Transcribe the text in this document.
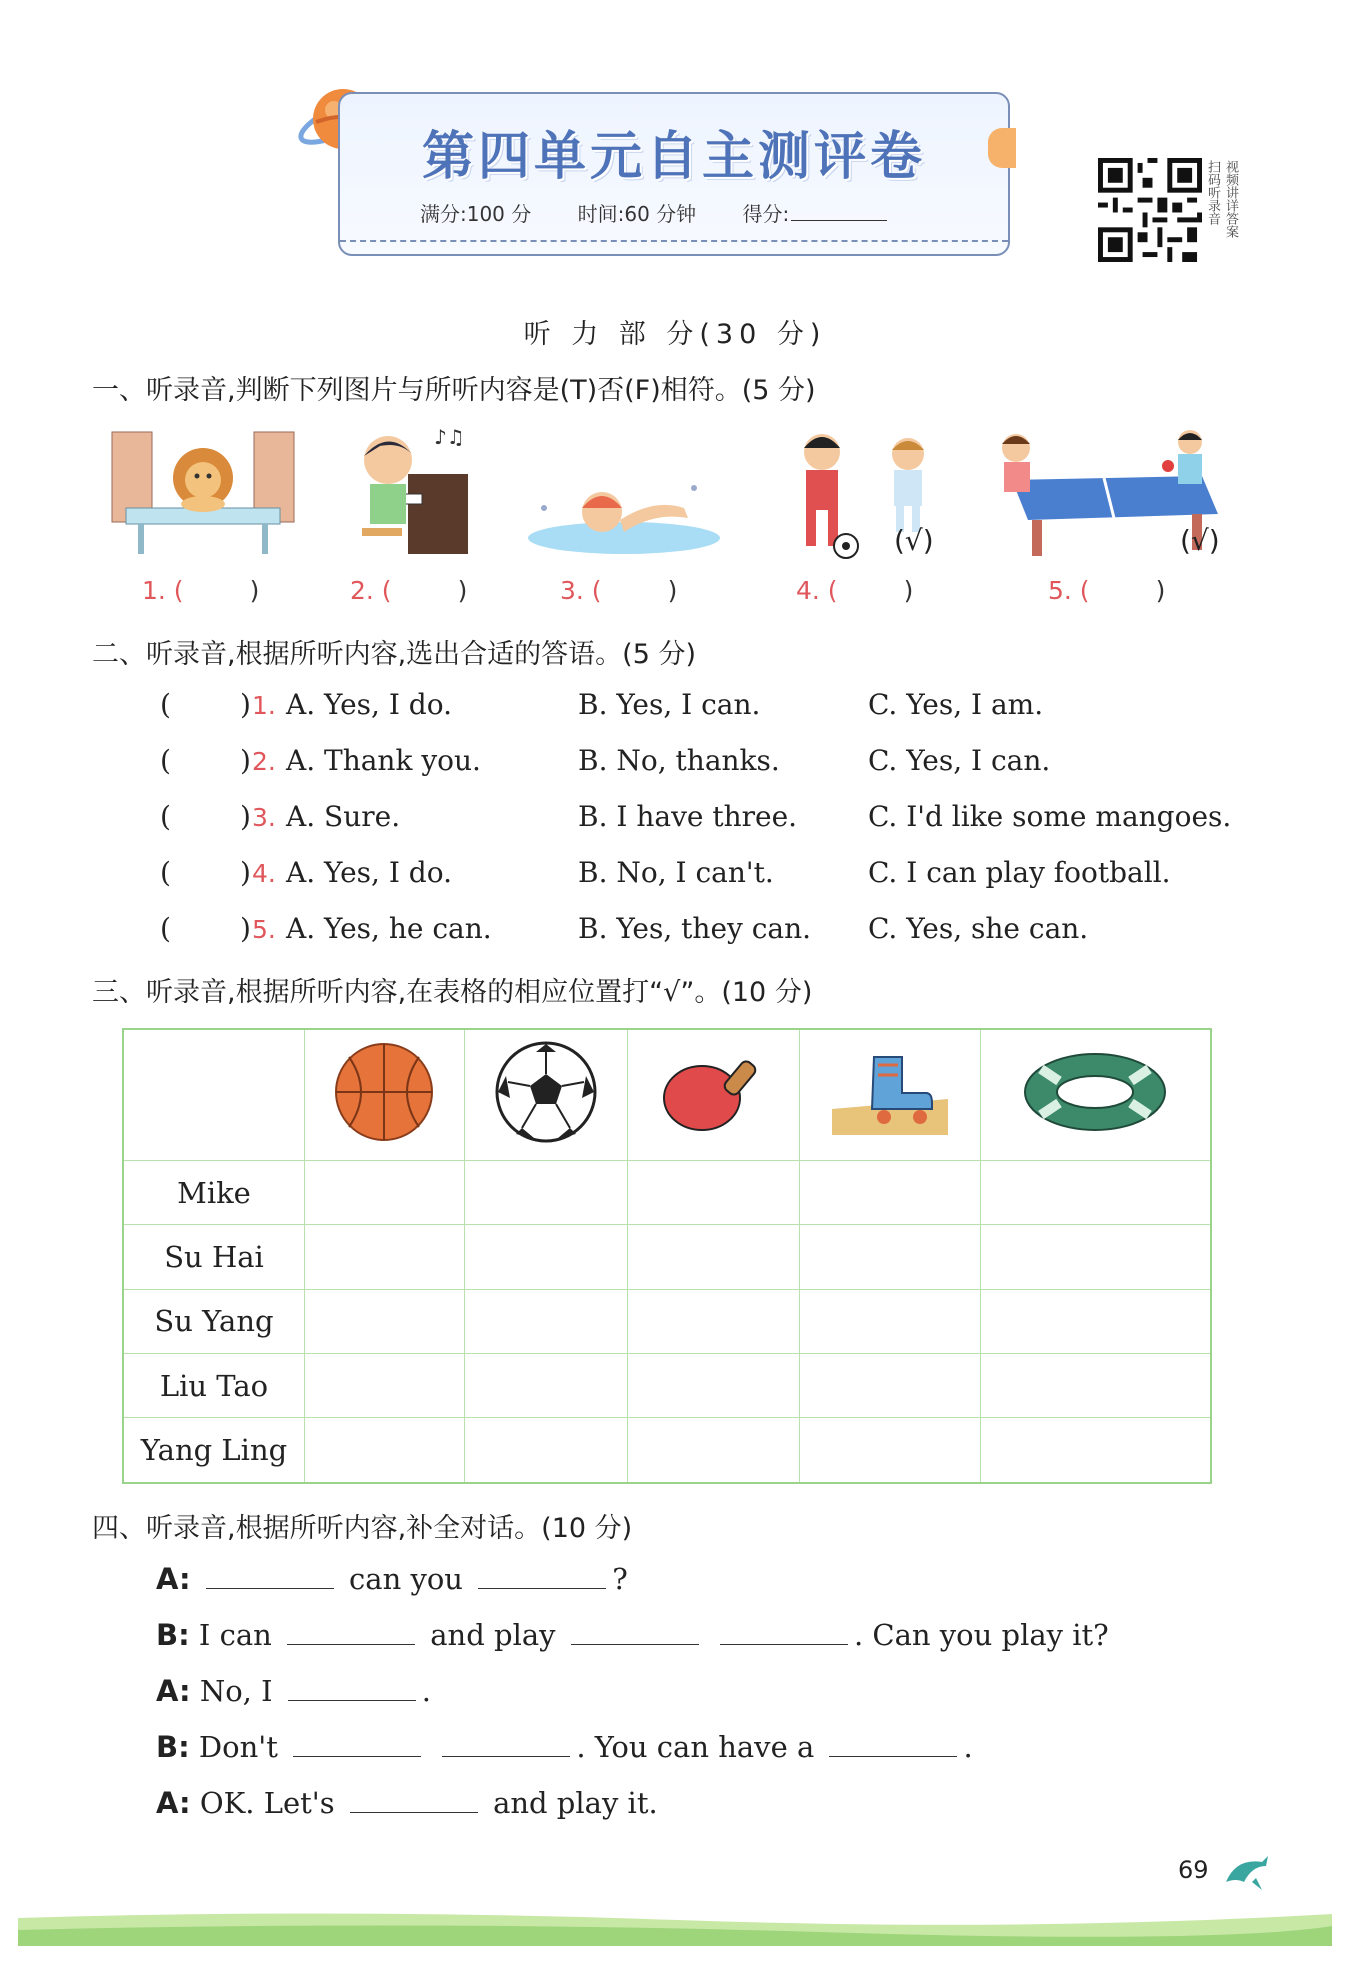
第四单元自主测评卷
满分:100 分 时间:60 分钟 得分:	扫码听录音 视频讲详答案
听 力 部 分(30 分)
一、听录音,判断下列图片与所听内容是(T)否(F)相符。(5 分)
♪♫
(√)	(√)
1. (	)	2. (	)	3. (	)	4. (	)	5. (	)
二、听录音,根据所听内容,选出合适的答语。(5 分)
( ) 1. A. Yes, I do.	B. Yes, I can.	C. Yes, I am.
( ) 2. A. Thank you.	B. No, thanks.	C. Yes, I can.
( ) 3. A. Sure.	B. I have three.	C. I'd like some mangoes.
( ) 4. A. Yes, I do.	B. No, I can't.	C. I can play football.
( ) 5. A. Yes, he can.	B. Yes, they can. C. Yes, she can.
三、听录音,根据所听内容,在表格的相应位置打“√”。(10 分)

Mike					
Su Hai					
Su Yang					
Liu Tao					
Yang Ling					
四、听录音,根据所听内容,补全对话。(10 分)
A:	can you	?
B: I can	and play	. Can you play it?
A: No, I	.
B: Don't	. You can have a	.
A: OK. Let's	and play it.
69
